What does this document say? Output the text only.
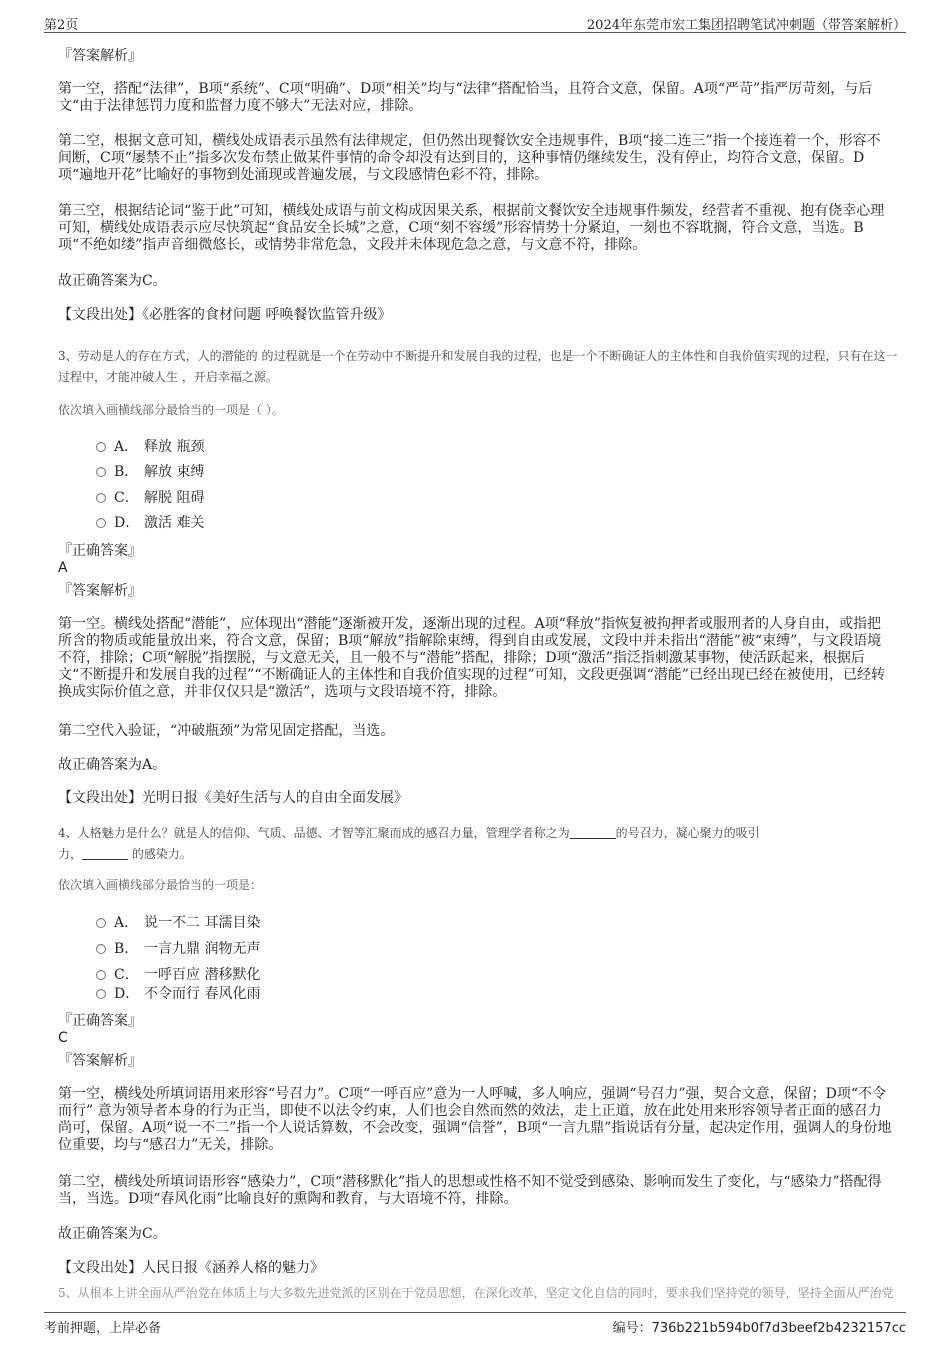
第2页	2024年东莞市宏工集团招聘笔试冲刺题（带答案解析）
『答案解析』
第一空，搭配“法律”，B项“系统”、C项“明确”、D项“相关”均与“法律”搭配恰当，且符合文意，保留。A项“严苛”指严厉苛刻，与后文“由于法律惩罚力度和监督力度不够大”无法对应，排除。
第二空，根据文意可知，横线处成语表示虽然有法律规定，但仍然出现餐饮安全违规事件，B项“接二连三”指一个接连着一个，形容不间断，C项“屡禁不止”指多次发布禁止做某件事情的命令却没有达到目的，这种事情仍继续发生，没有停止，均符合文意，保留。D项“遍地开花”比喻好的事物到处涌现或普遍发展，与文段感情色彩不符，排除。
第三空，根据结论词“鉴于此”可知，横线处成语与前文构成因果关系，根据前文餐饮安全违规事件频发，经营者不重视、抱有侥幸心理可知，横线处成语表示应尽快筑起“食品安全长城”之意，C项“刻不容缓”形容情势十分紧迫，一刻也不容耽搁，符合文意，当选。B项“不绝如缕”指声音细微悠长，或情势非常危急，文段并未体现危急之意，与文意不符，排除。
故正确答案为C。
【文段出处】《必胜客的食材问题 呼唤餐饮监管升级》
3、劳动是人的存在方式，人的潜能的 的过程就是一个在劳动中不断提升和发展自我的过程，也是一个不断确证人的主体性和自我价值实现的过程，只有在这一过程中，才能冲破人生 ，开启幸福之源。
依次填入画横线部分最恰当的一项是（ ）。
A． 释放 瓶颈
B． 解放 束缚
C． 解脱 阻碍
D． 激活 难关
『正确答案』
A
『答案解析』
第一空。横线处搭配“潜能”，应体现出“潜能”逐渐被开发，逐渐出现的过程。A项“释放”指恢复被拘押者或服刑者的人身自由，或指把所含的物质或能量放出来，符合文意，保留；B项“解放”指解除束缚，得到自由或发展，文段中并未指出“潜能”被“束缚”，与文段语境不符，排除；C项“解脱”指摆脱，与文意无关，且一般不与“潜能”搭配，排除；D项“激活”指泛指刺激某事物，使活跃起来，根据后文“不断提升和发展自我的过程”“不断确证人的主体性和自我价值实现的过程”可知，文段更强调“潜能”已经出现已经在被使用，已经转换成实际价值之意，并非仅仅只是“激活”，选项与文段语境不符，排除。
第二空代入验证，“冲破瓶颈”为常见固定搭配，当选。
故正确答案为A。
【文段出处】光明日报《美好生活与人的自由全面发展》
4、人格魅力是什么？就是人的信仰、气质、品德、才智等汇聚而成的感召力量，管理学者称之为	的号召力，凝心聚力的吸引
力，	的感染力。
依次填入画横线部分最恰当的一项是：
A． 说一不二 耳濡目染
B． 一言九鼎 润物无声
C． 一呼百应 潜移默化
D． 不令而行 春风化雨
『正确答案』
C
『答案解析』
第一空，横线处所填词语用来形容“号召力”。C项“一呼百应”意为一人呼喊，多人响应，强调“号召力”强，契合文意，保留；D项“不令而行” 意为领导者本身的行为正当，即使不以法令约束，人们也会自然而然的效法，走上正道，放在此处用来形容领导者正面的感召力尚可，保留。A项“说一不二”指一个人说话算数，不会改变，强调“信誉”，B项“一言九鼎”指说话有分量，起决定作用，强调人的身份地位重要，均与“感召力”无关，排除。
第二空，横线处所填词语形容“感染力”，C项“潜移默化”指人的思想或性格不知不觉受到感染、影响而发生了变化，与“感染力”搭配得当，当选。D项“春风化雨”比喻良好的熏陶和教育，与大语境不符，排除。
故正确答案为C。
【文段出处】人民日报《涵养人格的魅力》
5、从根本上讲全面从严治党在体质上与大多数先进党派的区别在于党员思想，在深化改革，坚定文化自信的同时，要求我们坚持党的领导，坚持全面从严治党
考前押题，上岸必备	编号：736b221b594b0f7d3beef2b4232157cc
